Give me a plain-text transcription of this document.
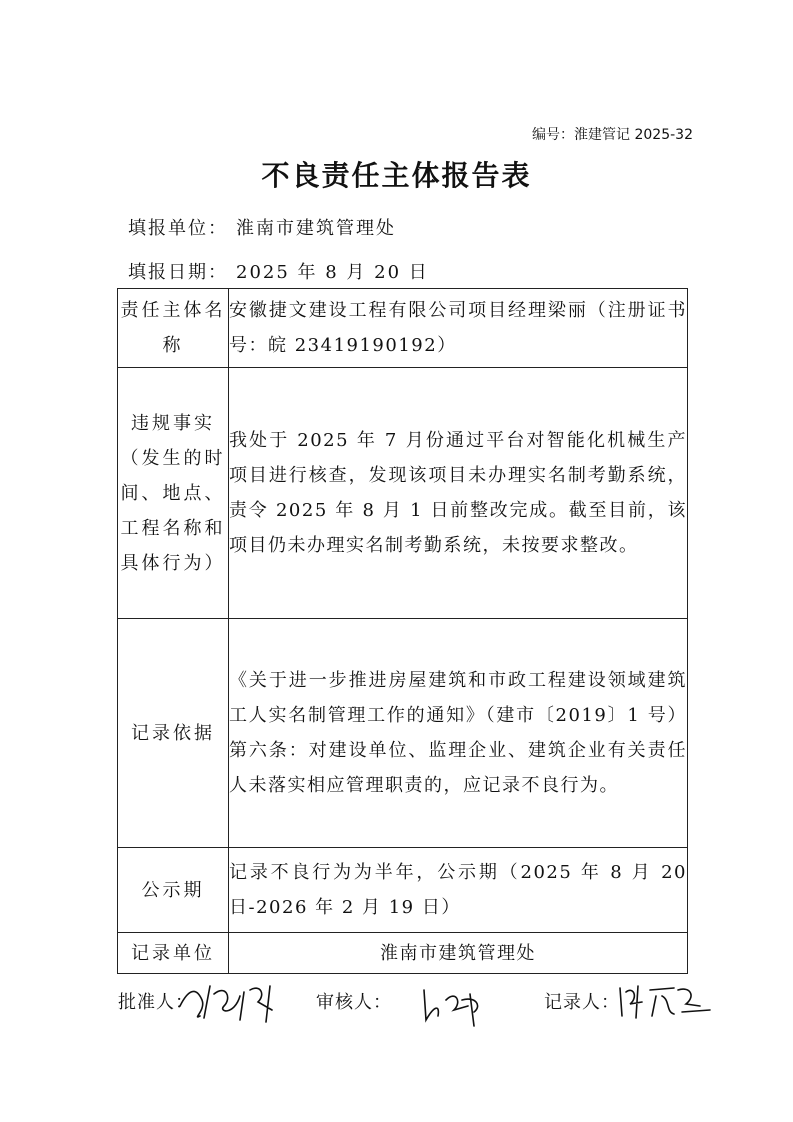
编号：淮建管记 2025-32
不良责任主体报告表
填报单位： 淮南市建筑管理处
填报日期： 2025 年 8 月 20 日
责任主体名称	安徽捷文建设工程有限公司项目经理梁丽（注册证书号：皖 23419190192）
违规事实（发生的时间、地点、工程名称和具体行为）	我处于 2025 年 7 月份通过平台对智能化机械生产项目进行核查，发现该项目未办理实名制考勤系统，责令 2025 年 8 月 1 日前整改完成。截至目前，该项目仍未办理实名制考勤系统，未按要求整改。
记录依据	《关于进一步推进房屋建筑和市政工程建设领域建筑工人实名制管理工作的通知》（建市〔2019〕1 号）第六条：对建设单位、监理企业、建筑企业有关责任人未落实相应管理职责的，应记录不良行为。
公示期	记录不良行为为半年，公示期（2025 年 8 月 20 日-2026 年 2 月 19 日）
记录单位	淮南市建筑管理处
批准人：	审核人：	记录人：
